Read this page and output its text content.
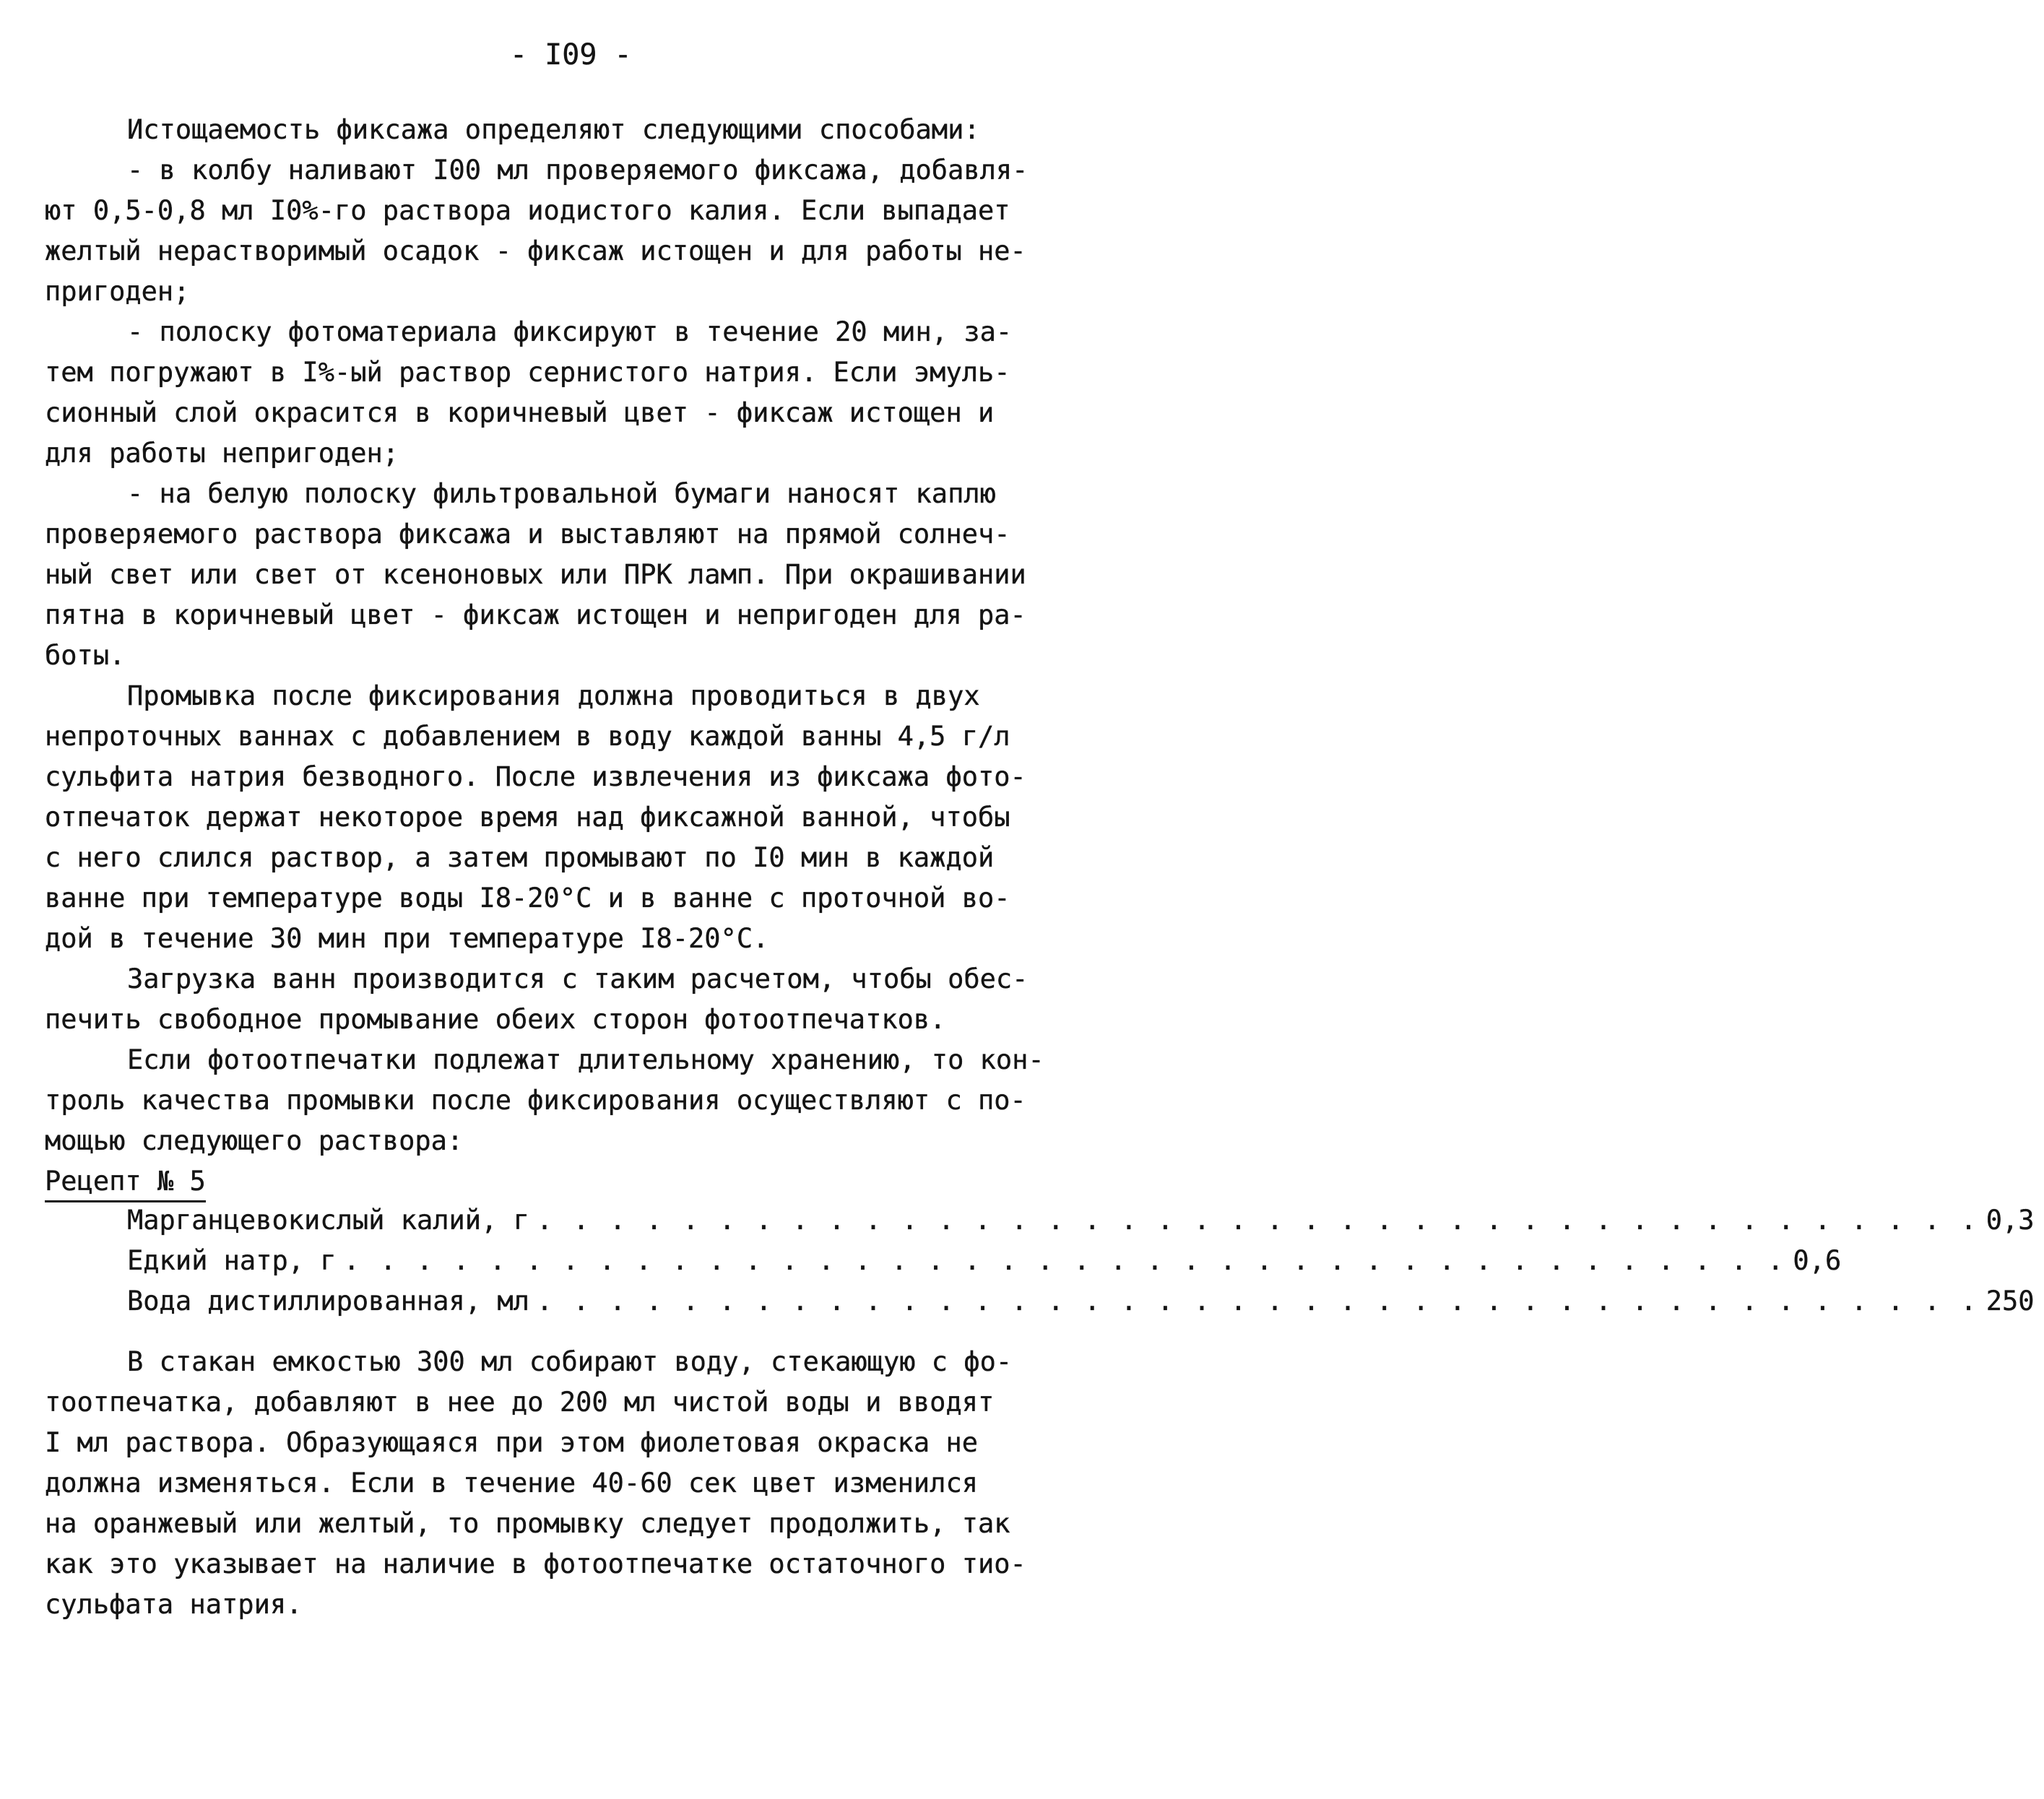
- I09 -
Истощаемость фиксажа определяют следующими способами:
- в колбу наливают I00 мл проверяемого фиксажа, добавля-
ют 0,5-0,8 мл I0%-го раствора иодистого калия. Если выпадает
желтый нерастворимый осадок - фиксаж истощен и для работы не-
пригоден;
- полоску фотоматериала фиксируют в течение 20 мин, за-
тем погружают в I%-ый раствор сернистого натрия. Если эмуль-
сионный слой окрасится в коричневый цвет - фиксаж истощен и
для работы непригоден;
- на белую полоску фильтровальной бумаги наносят каплю
проверяемого раствора фиксажа и выставляют на прямой солнеч-
ный свет или свет от ксеноновых или ПРК ламп. При окрашивании
пятна в коричневый цвет - фиксаж истощен и непригоден для ра-
боты.
Промывка после фиксирования должна проводиться в двух
непроточных ваннах с добавлением в воду каждой ванны 4,5 г/л
сульфита натрия безводного. После извлечения из фиксажа фото-
отпечаток держат некоторое время над фиксажной ванной, чтобы
с него слился раствор, а затем промывают по I0 мин в каждой
ванне при температуре воды I8-20°С и в ванне с проточной во-
дой в течение 30 мин при температуре I8-20°С.
Загрузка ванн производится с таким расчетом, чтобы обес-
печить свободное промывание обеих сторон фотоотпечатков.
Если фотоотпечатки подлежат длительному хранению, то кон-
троль качества промывки после фиксирования осуществляют с по-
мощью следующего раствора:
Рецепт № 5
Марганцевокислый калий, г . . . . . . . . . . . . . . . . . . . . . . . . . . . . . . . . . . . . . . . . 0,3
Едкий натр, г . . . . . . . . . . . . . . . . . . . . . . . . . . . . . . . . . . . . . . . . 0,6
Вода дистиллированная, мл . . . . . . . . . . . . . . . . . . . . . . . . . . . . . . . . . . . . . . . . 250
В стакан емкостью 300 мл собирают воду, стекающую с фо-
тоотпечатка, добавляют в нее до 200 мл чистой воды и вводят
I мл раствора. Образующаяся при этом фиолетовая окраска не
должна изменяться. Если в течение 40-60 сек цвет изменился
на оранжевый или желтый, то промывку следует продолжить, так
как это указывает на наличие в фотоотпечатке остаточного тио-
сульфата натрия.
